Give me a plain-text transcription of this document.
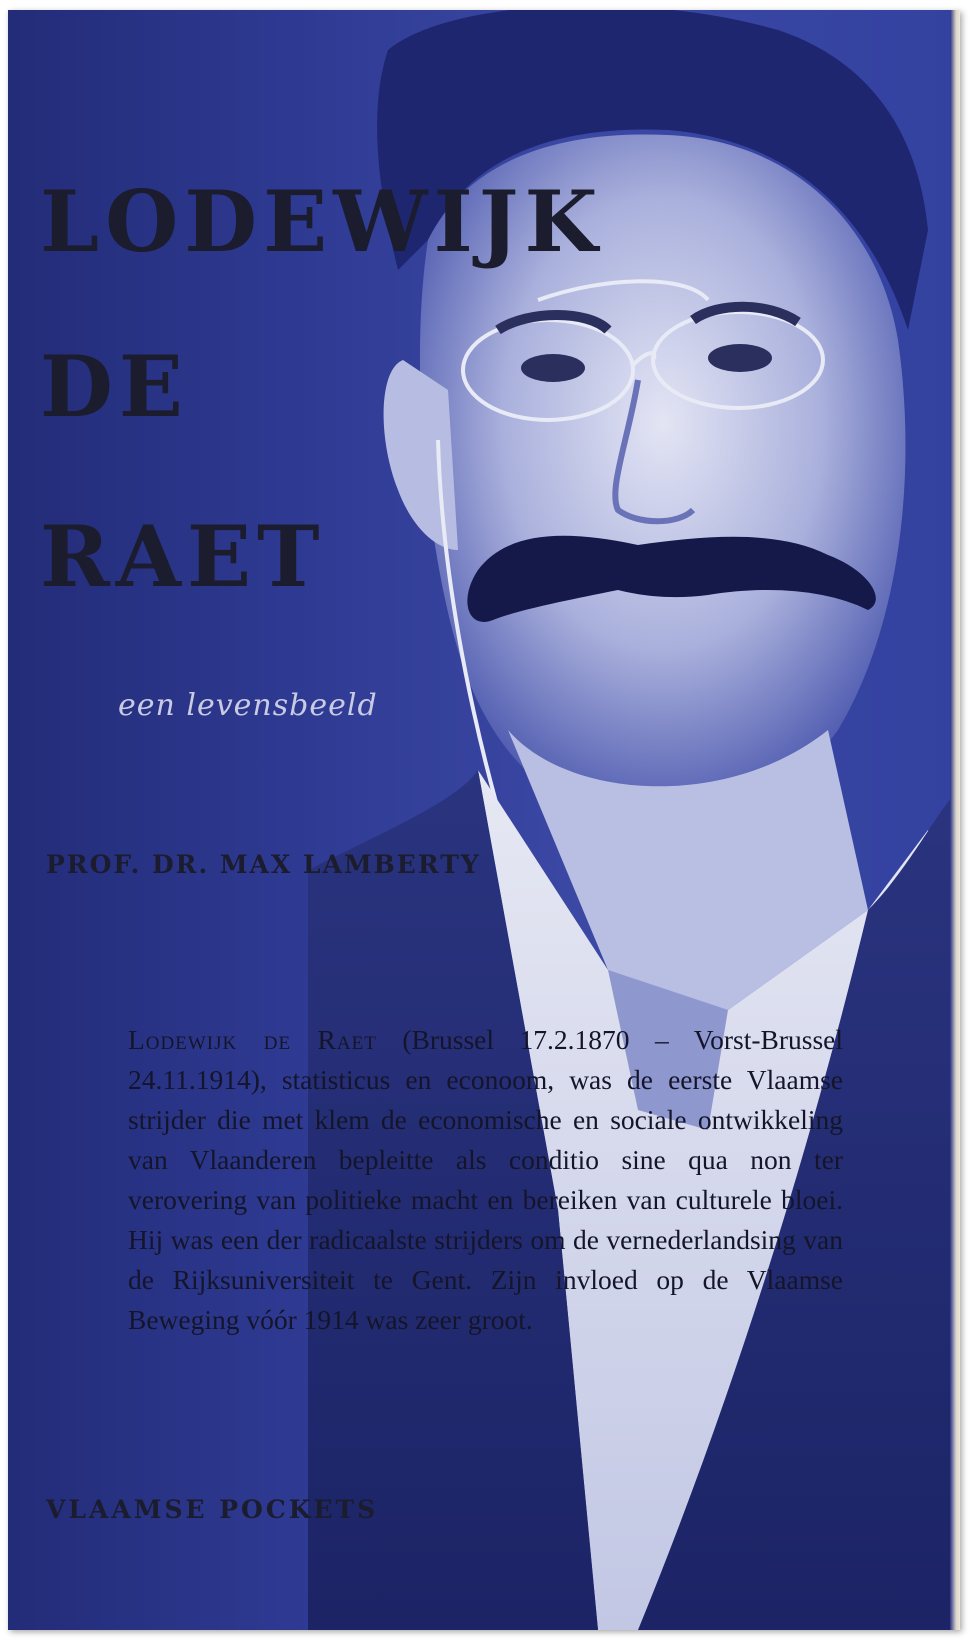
LODEWIJK
DE
RAET

een levensbeeld

PROF. DR. MAX LAMBERTY

Lodewijk de Raet (Brussel 17.2.1870 – Vorst-Brussel 24.11.1914), statisticus en econoom, was de eerste Vlaamse strijder die met klem de economische en sociale ontwikkeling van Vlaanderen bepleitte als conditio sine qua non ter verovering van politieke macht en bereiken van culturele bloei. Hij was een der radicaalste strijders om de vernederlandsing van de Rijksuniversiteit te Gent. Zijn invloed op de Vlaamse Beweging vóór 1914 was zeer groot.

VLAAMSE POCKETS
